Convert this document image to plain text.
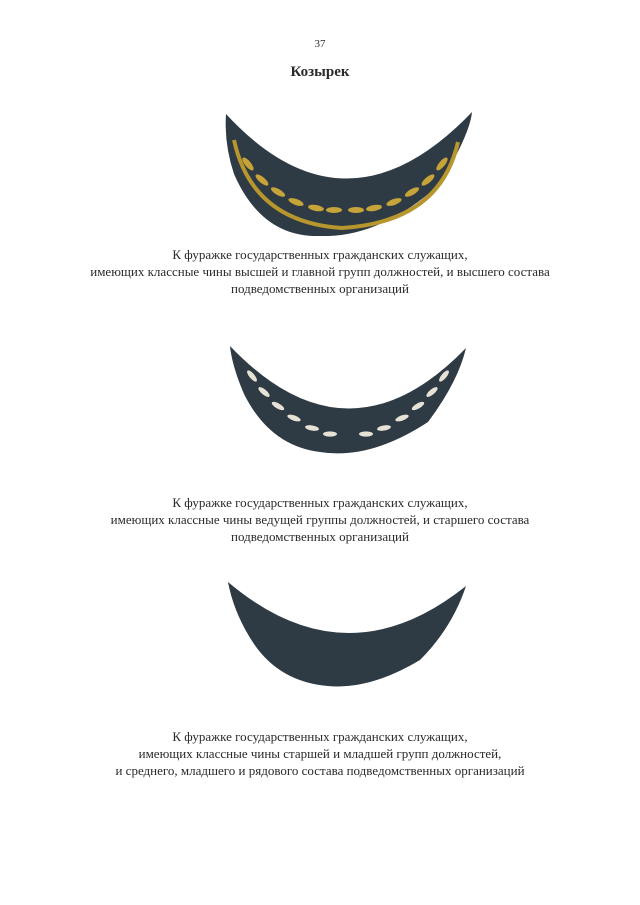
37
Козырек
К фуражке государственных гражданских служащих,
имеющих классные чины высшей и главной групп должностей, и высшего состава
подведомственных организаций
К фуражке государственных гражданских служащих,
имеющих классные чины ведущей группы должностей, и старшего состава
подведомственных организаций
К фуражке государственных гражданских служащих,
имеющих классные чины старшей и младшей групп должностей,
и среднего, младшего и рядового состава подведомственных организаций
